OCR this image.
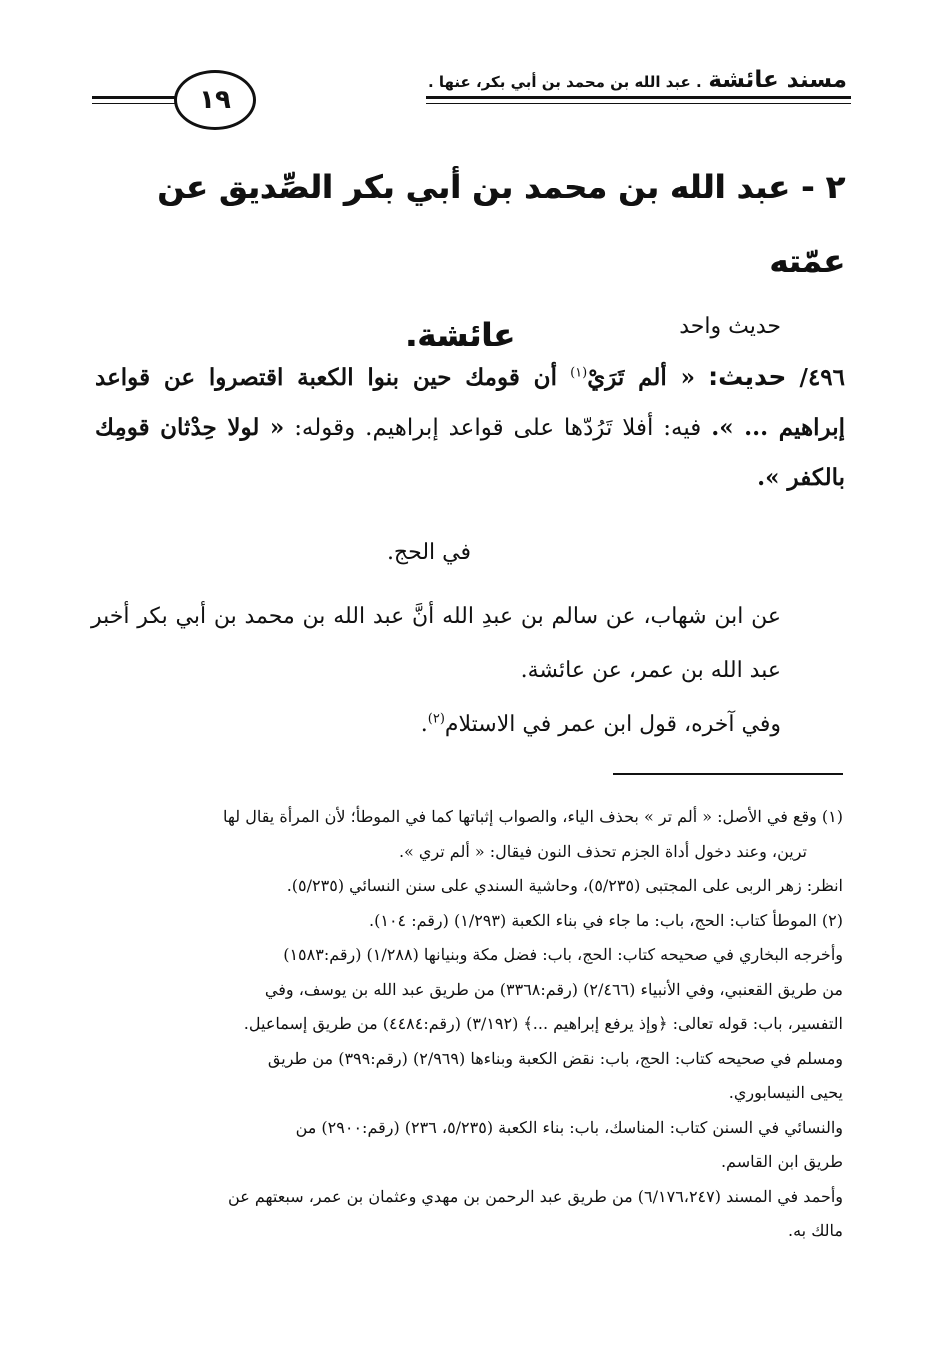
مسند عائشة . عبد الله بن محمد بن أبي بكر، عنها .
١٩
٢ - عبد الله بن محمد بن أبي بكر الصِّديق عن عمّته
عائشة.	حديث واحد
٤٩٦/ حديث: « ألم تَرَيْ$^{(١)}$ أن قومك حين بنوا الكعبة اقتصروا عن قواعد إبراهيم ... ». فيه: أفلا تَرُدّها على قواعد إبراهيم. وقوله: « لولا حِدْثان قومِك بالكفر ».
في الحج.

عن ابن شهاب، عن سالم بن عبدِ الله أنَّ عبد الله بن محمد بن أبي بكر أخبر عبد الله بن عمر، عن عائشة.

وفي آخره، قول ابن عمر في الاستلام$^{(٢)}$.

(١) وقع في الأصل: « ألم تر » بحذف الياء، والصواب إثباتها كما في الموطأ؛ لأن المرأة يقال لها

ترين، وعند دخول أداة الجزم تحذف النون فيقال: « ألم تري ».

انظر: زهر الربى على المجتبى (٥/٢٣٥)، وحاشية السندي على سنن النسائي (٥/٢٣٥).

(٢) الموطأ كتاب: الحج، باب: ما جاء في بناء الكعبة (١/٢٩٣) (رقم: ١٠٤).

وأخرجه البخاري في صحيحه كتاب: الحج، باب: فضل مكة وبنيانها (١/٢٨٨) (رقم:١٥٨٣)

من طريق القعنبي، وفي الأنبياء (٢/٤٦٦) (رقم:٣٣٦٨) من طريق عبد الله بن يوسف، وفي

التفسير، باب: قوله تعالى: ﴿وإذ يرفع إبراهيم ...﴾ (٣/١٩٢) (رقم:٤٤٨٤) من طريق إسماعيل.

ومسلم في صحيحه كتاب: الحج، باب: نقض الكعبة وبناءها (٢/٩٦٩) (رقم:٣٩٩) من طريق

يحيى النيسابوري.

والنسائي في السنن كتاب: المناسك، باب: بناء الكعبة (٥/٢٣٥، ٢٣٦) (رقم:٢٩٠٠) من

طريق ابن القاسم.

وأحمد في المسند (٦/١٧٦،٢٤٧) من طريق عبد الرحمن بن مهدي وعثمان بن عمر، سبعتهم عن

مالك به.
